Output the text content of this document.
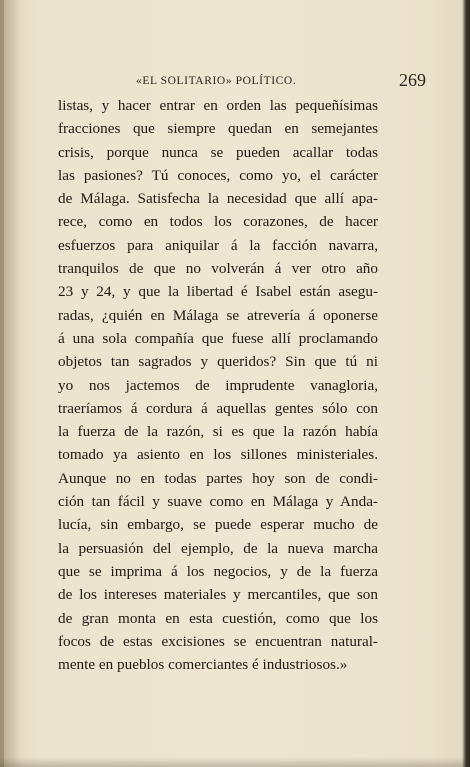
«EL SOLITARIO» POLÍTICO.	269
listas, y hacer entrar en orden las pequeñísimas
fracciones que siempre quedan en semejantes
crisis, porque nunca se pueden acallar todas
las pasiones? Tú conoces, como yo, el carácter
de Málaga. Satisfecha la necesidad que allí apa-
rece, como en todos los corazones, de hacer
esfuerzos para aniquilar á la facción navarra,
tranquilos de que no volverán á ver otro año
23 y 24, y que la libertad é Isabel están asegu-
radas, ¿quién en Málaga se atrevería á oponerse
á una sola compañía que fuese allí proclamando
objetos tan sagrados y queridos? Sin que tú ni
yo nos jactemos de imprudente vanagloria,
traeríamos á cordura á aquellas gentes sólo con
la fuerza de la razón, si es que la razón había
tomado ya asiento en los sillones ministeriales.
Aunque no en todas partes hoy son de condi-
ción tan fácil y suave como en Málaga y Anda-
lucía, sin embargo, se puede esperar mucho de
la persuasión del ejemplo, de la nueva marcha
que se imprima á los negocios, y de la fuerza
de los intereses materiales y mercantiles, que son
de gran monta en esta cuestión, como que los
focos de estas excisiones se encuentran natural-
mente en pueblos comerciantes é industriosos.»
